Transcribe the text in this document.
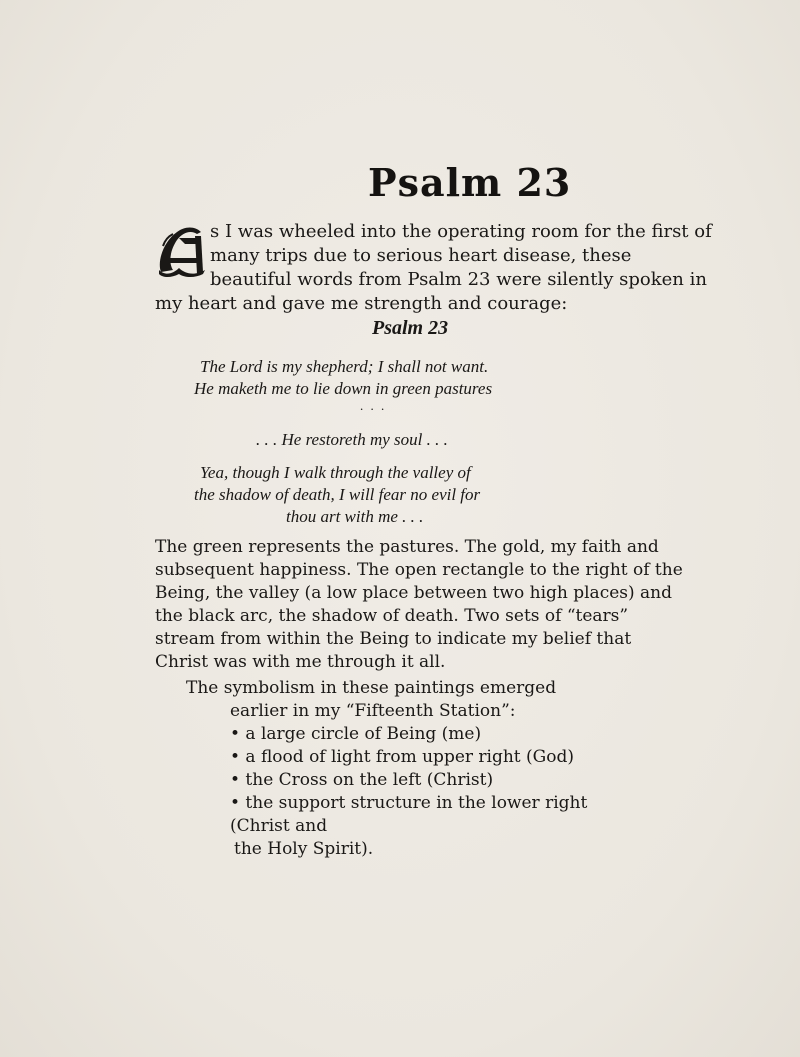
Psalm 23
s I was wheeled into the operating room for the first of
many trips due to serious heart disease, these
beautiful words from Psalm 23 were silently spoken in
my heart and gave me strength and courage:
Psalm 23
The Lord is my shepherd; I shall not want.
He maketh me to lie down in green pastures
. . .
. . . He restoreth my soul . . .
Yea, though I walk through the valley of
the shadow of death, I will fear no evil for
thou art with me . . .
The green represents the pastures. The gold, my faith and
subsequent happiness. The open rectangle to the right of the
Being, the valley (a low place between two high places) and
the black arc, the shadow of death. Two sets of “tears”
stream from within the Being to indicate my belief that
Christ was with me through it all.
The symbolism in these paintings emerged
earlier in my “Fifteenth Station”:
• a large circle of Being (me)
• a flood of light from upper right (God)
• the Cross on the left (Christ)
• the support structure in the lower right
(Christ and
the Holy Spirit).
